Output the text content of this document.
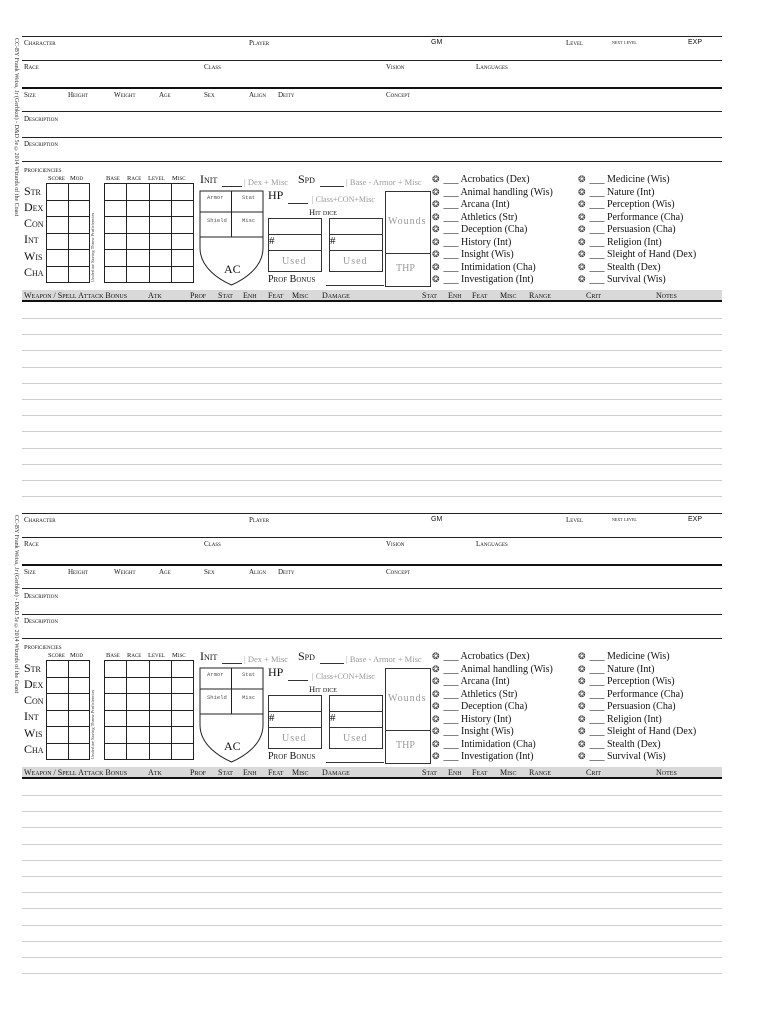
CC-BY Frank Weiss, Jr (Gerbkoi) - D&D 5e ©2014 Wizards of the Coast Character	Player	GM	Level	next level	EXP
Race	Class	Vision	Languages
Size	Height	Weight	Age	Sex	Align Deity	Concept
Description
Description
Proficiencies
Score Mod	Base Race Level Misc
Str
Dex
Con
Int
Wis
Cha

		Underline Saving Throw Proficiencies

Init	| Dex + Misc Spd	| Base - Armor + Misc
Armor	Stat
Shield	Misc
AC
HP	| Class+CON+Misc
Hit dice
#
Used
#
Used
Prof Bonus
Wounds
THP
❂ ___ Acrobatics (Dex)
❂ ___ Animal handling (Wis)
❂ ___ Arcana (Int)
❂ ___ Athletics (Str)
❂ ___ Deception (Cha)
❂ ___ History (Int)
❂ ___ Insight (Wis)
❂ ___ Intimidation (Cha)
❂ ___ Investigation (Int)
❂ ___ Medicine (Wis)
❂ ___ Nature (Int)
❂ ___ Perception (Wis)
❂ ___ Performance (Cha)
❂ ___ Persuasion (Cha)
❂ ___ Religion (Int)
❂ ___ Sleight of Hand (Dex)
❂ ___ Stealth (Dex)
❂ ___ Survival (Wis)
Weapon / Spell Attack Bonus	Atk	Prof Stat Enh Feat Misc Damage	Stat Enh Feat Misc Range	Crit	Notes
CC-BY Frank Weiss, Jr (Gerbkoi) - D&D 5e ©2014 Wizards of the Coast Character	Player	GM	Level	next level	EXP
Race	Class	Vision	Languages
Size	Height	Weight	Age	Sex	Align Deity	Concept
Description
Description
Proficiencies
Score Mod	Base Race Level Misc
Str
Dex
Con
Int
Wis
Cha

		Underline Saving Throw Proficiencies

Init	| Dex + Misc Spd	| Base - Armor + Misc
Armor	Stat
Shield	Misc
AC
HP	| Class+CON+Misc
Hit dice
#
Used
#
Used
Prof Bonus
Wounds
THP
❂ ___ Acrobatics (Dex)
❂ ___ Animal handling (Wis)
❂ ___ Arcana (Int)
❂ ___ Athletics (Str)
❂ ___ Deception (Cha)
❂ ___ History (Int)
❂ ___ Insight (Wis)
❂ ___ Intimidation (Cha)
❂ ___ Investigation (Int)
❂ ___ Medicine (Wis)
❂ ___ Nature (Int)
❂ ___ Perception (Wis)
❂ ___ Performance (Cha)
❂ ___ Persuasion (Cha)
❂ ___ Religion (Int)
❂ ___ Sleight of Hand (Dex)
❂ ___ Stealth (Dex)
❂ ___ Survival (Wis)
Weapon / Spell Attack Bonus	Atk	Prof Stat Enh Feat Misc Damage	Stat Enh Feat Misc Range	Crit	Notes
